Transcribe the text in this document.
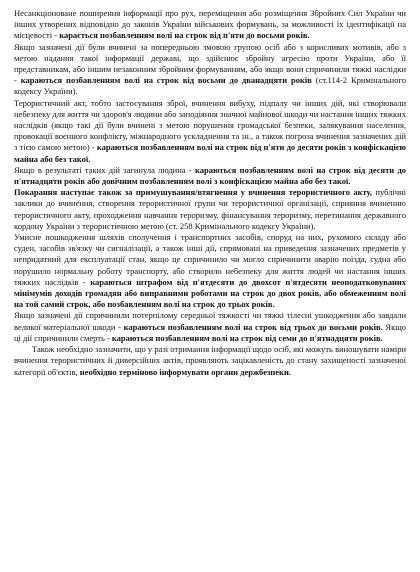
Несанкціоноване поширення інформації про рух, переміщення або розміщення Збройних Сил України чи інших утворених відповідно до законів України військових формувань, за можливості їх ідентифікації на місцевості - карається позбавленням волі на строк від п'яти до восьми років.

Якщо зазначені дії були вчинені за попередньою змовою групою осіб або з корисливих мотивів, або з метою надання такої інформації державі, що здійснює збройну агресію проти України, або її представникам, або іншим незаконним збройним формуванням, або якщо вони спричинили тяжкі наслідки - караються позбавленням волі на строк від восьми до дванадцяти років (ст.114-2 Кримінального кодексу України).

Терористичний акт, тобто застосування зброї, вчинення вибуху, підпалу чи інших дій, які створювали небезпеку для життя чи здоров'я людини або заподіяння значної майнової шкоди чи настання інших тяжких наслідків (якщо такі дії були вчинені з метою порушення громадської безпеки, залякування населення, провокації воєнного конфлікту, міжнародного ускладнення та ін., а також погроза вчинення зазначених дій з тією самою метою) - караються позбавленням волі на строк від п'яти до десяти років з конфіскацією майна або без такої.

Якщо в результаті таких дій загинула людина - караються позбавленням волі на строк від десяти до п'ятнадцяти років або довічним позбавленням волі з конфіскацією майна або без такої.

Покарання наступає також за примушування/втягнення у вчинення терористичного акту, публічні заклики до вчинення, створення терористичної групи чи терористичної організації, сприяння вчиненню терористичного акту, проходження навчання тероризму, фінансування тероризму, перетинання державного кордону України з терористичною метою (ст. 258 Кримінального кодексу України).

Умисне пошкодження шляхів сполучення і транспортних засобів, споруд на них, рухомого складу або суден, засобів зв'язку чи сигналізації, а також інші дії, спрямовані на приведення зазначених предметів у непридатний для експлуатації стан, якщо це спричинило чи могло спричинити аварію поїзда, судна або порушило нормальну роботу транспорту, або створило небезпеку для життя людей чи настання інших тяжких наслідків - караються штрафом від п'ятдесяти до двохсот п'ятдесяти неоподатковуваних мінімумів доходів громадян або виправними роботами на строк до двох років, або обмеженням волі на той самий строк, або позбавленням волі на строк до трьох років.

Якщо зазначені дії спричинили потерпілому середньої тяжкості чи тяжкі тілесні ушкодження або завдали великої матеріальної шкоди - караються позбавленням волі на строк від трьох до восьми років. Якщо ці дії спричинили смерть - караються позбавленням волі на строк від семи до п'ятнадцяти років.

Також необхідно зазначити, що у разі отримання інформації щодо осіб, які можуть виношувати наміри вчинення терористичних й диверсійних актів, проявляють зацікавленість до стану захищеності зазначеної категорії об'єктів, необхідно терміново інформувати органи держбезпеки.
